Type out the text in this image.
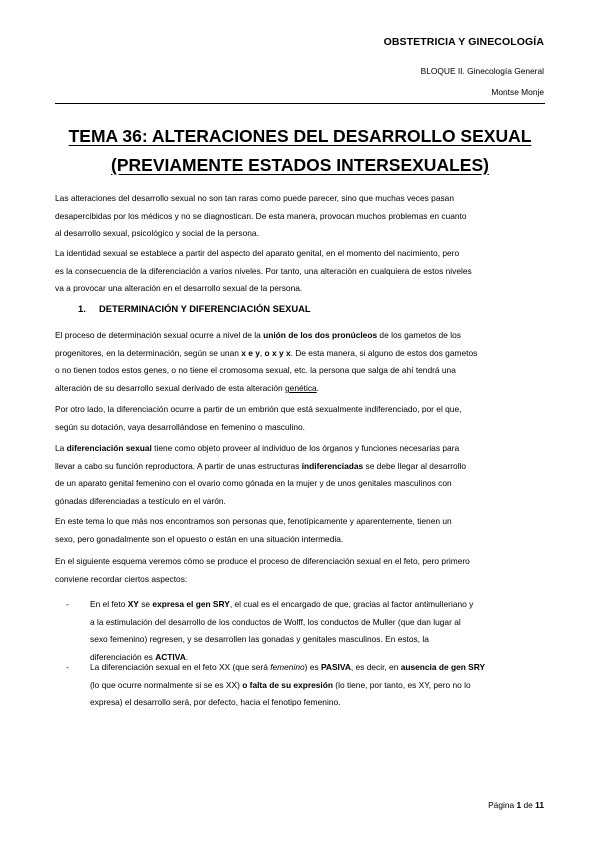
OBSTETRICIA Y GINECOLOGÍA
BLOQUE II. Ginecología General
Montse Monje
TEMA 36: ALTERACIONES DEL DESARROLLO SEXUAL
(PREVIAMENTE ESTADOS INTERSEXUALES)

Las alteraciones del desarrollo sexual no son tan raras como puede parecer, sino que muchas veces pasan
desapercibidas por los médicos y no se diagnostican. De esta manera, provocan muchos problemas en cuanto
al desarrollo sexual, psicológico y social de la persona.

La identidad sexual se establece a partir del aspecto del aparato genital, en el momento del nacimiento, pero
es la consecuencia de la diferenciación a varios niveles. Por tanto, una alteración en cualquiera de estos niveles
va a provocar una alteración en el desarrollo sexual de la persona.

1. DETERMINACIÓN Y DIFERENCIACIÓN SEXUAL

El proceso de determinación sexual ocurre a nivel de la unión de los dos pronúcleos de los gametos de los
progenitores, en la determinación, según se unan x e y, o x y x. De esta manera, si alguno de estos dos gametos
o no tienen todos estos genes, o no tiene el cromosoma sexual, etc. la persona que salga de ahí tendrá una
alteración de su desarrollo sexual derivado de esta alteración genética.

Por otro lado, la diferenciación ocurre a partir de un embrión que está sexualmente indiferenciado, por el que,
según su dotación, vaya desarrollándose en femenino o masculino.

La diferenciación sexual tiene como objeto proveer al individuo de los órganos y funciones necesarias para
llevar a cabo su función reproductora. A partir de unas estructuras indiferenciadas se debe llegar al desarrollo
de un aparato genital femenino con el ovario como gónada en la mujer y de unos genitales masculinos con
gónadas diferenciadas a testículo en el varón.

En este tema lo que más nos encontramos son personas que, fenotípicamente y aparentemente, tienen un
sexo, pero gonadalmente son el opuesto o están en una situación intermedia.

En el siguiente esquema veremos cómo se produce el proceso de diferenciación sexual en el feto, pero primero
conviene recordar ciertos aspectos:

-	En el feto XY se expresa el gen SRY, el cual es el encargado de que, gracias al factor antimulleriano y
a la estimulación del desarrollo de los conductos de Wolff, los conductos de Muller (que dan lugar al
sexo femenino) regresen, y se desarrollen las gonadas y genitales masculinos. En estos, la
diferenciación es ACTIVA.

-	La diferenciación sexual en el feto XX (que será femenino) es PASIVA, es decir, en ausencia de gen SRY
(lo que ocurre normalmente si se es XX) o falta de su expresión (lo tiene, por tanto, es XY, pero no lo
expresa) el desarrollo será, por defecto, hacia el fenotipo femenino.

Página 1 de 11
